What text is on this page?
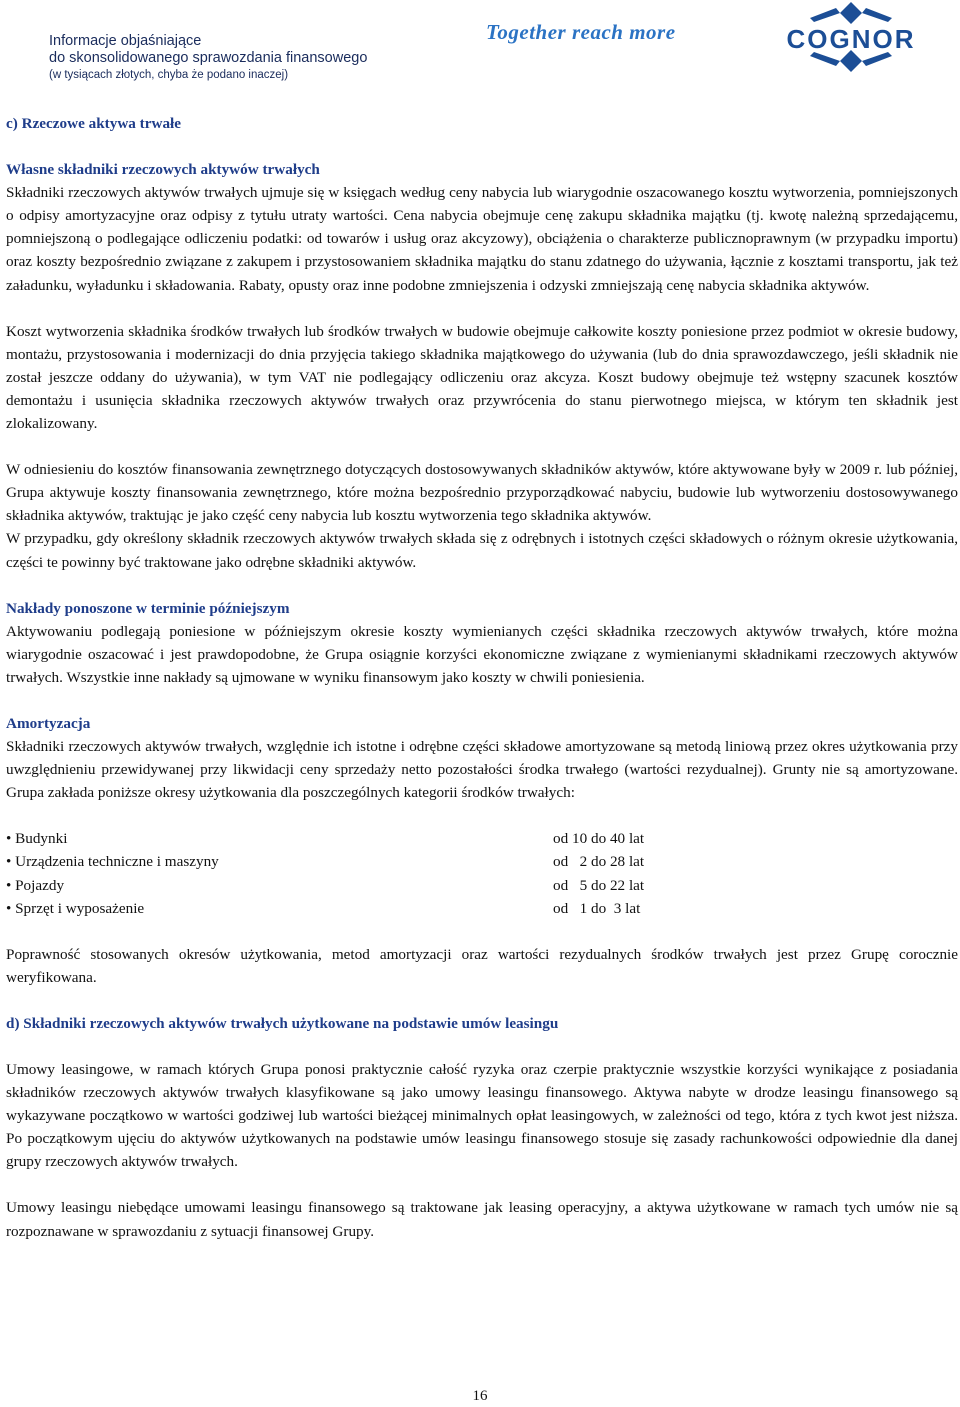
Informacje objaśniające
do skonsolidowanego sprawozdania finansowego
(w tysiącach złotych, chyba że podano inaczej)
Together reach more	COGNOR

c) Rzeczowe aktywa trwałe

Własne składniki rzeczowych aktywów trwałych

Składniki rzeczowych aktywów trwałych ujmuje się w księgach według ceny nabycia lub wiarygodnie oszacowanego kosztu wytworzenia, pomniejszonych o odpisy amortyzacyjne oraz odpisy z tytułu utraty wartości. Cena nabycia obejmuje cenę zakupu składnika majątku (tj. kwotę należną sprzedającemu, pomniejszoną o podlegające odliczeniu podatki: od towarów i usług oraz akcyzowy), obciążenia o charakterze publicznoprawnym (w przypadku importu) oraz koszty bezpośrednio związane z zakupem i przystosowaniem składnika majątku do stanu zdatnego do używania, łącznie z kosztami transportu, jak też załadunku, wyładunku i składowania. Rabaty, opusty oraz inne podobne zmniejszenia i odzyski zmniejszają cenę nabycia składnika aktywów.

Koszt wytworzenia składnika środków trwałych lub środków trwałych w budowie obejmuje całkowite koszty poniesione przez podmiot w okresie budowy, montażu, przystosowania i modernizacji do dnia przyjęcia takiego składnika majątkowego do używania (lub do dnia sprawozdawczego, jeśli składnik nie został jeszcze oddany do używania), w tym VAT nie podlegający odliczeniu oraz akcyza. Koszt budowy obejmuje też wstępny szacunek kosztów demontażu i usunięcia składnika rzeczowych aktywów trwałych oraz przywrócenia do stanu pierwotnego miejsca, w którym ten składnik jest zlokalizowany.

W odniesieniu do kosztów finansowania zewnętrznego dotyczących dostosowywanych składników aktywów, które aktywowane były w 2009 r. lub później, Grupa aktywuje koszty finansowania zewnętrznego, które można bezpośrednio przyporządkować nabyciu, budowie lub wytworzeniu dostosowywanego składnika aktywów, traktując je jako część ceny nabycia lub kosztu wytworzenia tego składnika aktywów.

W przypadku, gdy określony składnik rzeczowych aktywów trwałych składa się z odrębnych i istotnych części składowych o różnym okresie użytkowania, części te powinny być traktowane jako odrębne składniki aktywów.

Nakłady ponoszone w terminie późniejszym

Aktywowaniu podlegają poniesione w późniejszym okresie koszty wymienianych części składnika rzeczowych aktywów trwałych, które można wiarygodnie oszacować i jest prawdopodobne, że Grupa osiągnie korzyści ekonomiczne związane z wymienianymi składnikami rzeczowych aktywów trwałych. Wszystkie inne nakłady są ujmowane w wyniku finansowym jako koszty w chwili poniesienia.

Amortyzacja

Składniki rzeczowych aktywów trwałych, względnie ich istotne i odrębne części składowe amortyzowane są metodą liniową przez okres użytkowania przy uwzględnieniu przewidywanej przy likwidacji ceny sprzedaży netto pozostałości środka trwałego (wartości rezydualnej). Grunty nie są amortyzowane. Grupa zakłada poniższe okresy użytkowania dla poszczególnych kategorii środków trwałych:

• Budynki	od 10 do 40 lat
• Urządzenia techniczne i maszyny	od   2 do 28 lat
• Pojazdy	od   5 do 22 lat
• Sprzęt i wyposażenie	od   1 do  3 lat

Poprawność stosowanych okresów użytkowania, metod amortyzacji oraz wartości rezydualnych środków trwałych jest przez Grupę corocznie weryfikowana.

d) Składniki rzeczowych aktywów trwałych użytkowane na podstawie umów leasingu

Umowy leasingowe, w ramach których Grupa ponosi praktycznie całość ryzyka oraz czerpie praktycznie wszystkie korzyści wynikające z posiadania składników rzeczowych aktywów trwałych klasyfikowane są jako umowy leasingu finansowego. Aktywa nabyte w drodze leasingu finansowego są wykazywane początkowo w wartości godziwej lub wartości bieżącej minimalnych opłat leasingowych, w zależności od tego, która z tych kwot jest niższa. Po początkowym ujęciu do aktywów użytkowanych na podstawie umów leasingu finansowego stosuje się zasady rachunkowości odpowiednie dla danej grupy rzeczowych aktywów trwałych.

Umowy leasingu niebędące umowami leasingu finansowego są traktowane jak leasing operacyjny, a aktywa użytkowane w ramach tych umów nie są rozpoznawane w sprawozdaniu z sytuacji finansowej Grupy.

16
